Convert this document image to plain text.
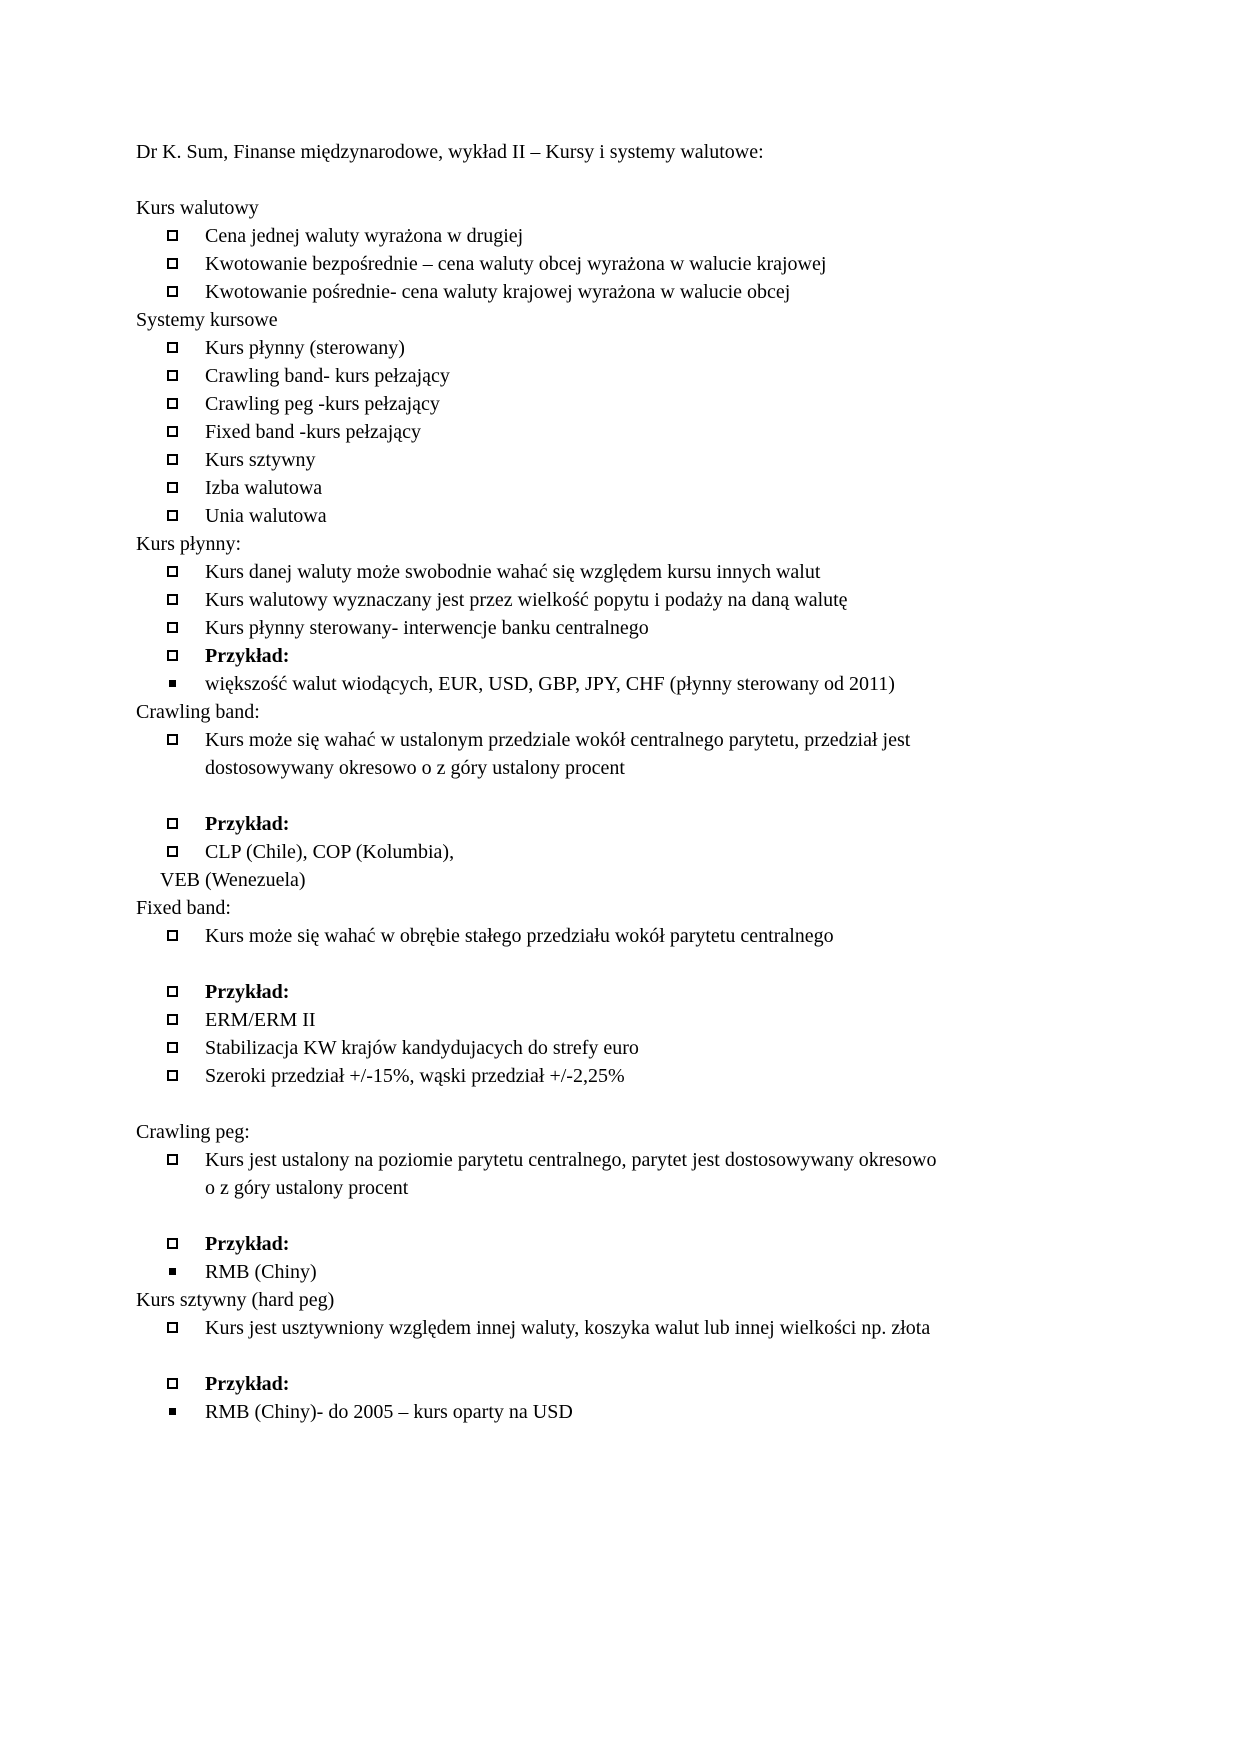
Dr K. Sum, Finanse międzynarodowe, wykład II – Kursy i systemy walutowe:
Kurs walutowy
Cena jednej waluty wyrażona w drugiej
Kwotowanie bezpośrednie – cena waluty obcej wyrażona w walucie krajowej
Kwotowanie pośrednie- cena waluty krajowej wyrażona w walucie obcej
Systemy kursowe
Kurs płynny (sterowany)
Crawling band- kurs pełzający
Crawling peg -kurs pełzający
Fixed band -kurs pełzający
Kurs sztywny
Izba walutowa
Unia walutowa
Kurs płynny:
Kurs danej waluty może swobodnie wahać się względem kursu innych walut
Kurs walutowy wyznaczany jest przez wielkość popytu i podaży na daną walutę
Kurs płynny sterowany- interwencje banku centralnego
Przykład:
większość walut wiodących, EUR, USD, GBP, JPY, CHF (płynny sterowany od 2011)
Crawling band:
Kurs może się wahać w ustalonym przedziale wokół centralnego parytetu, przedział jest dostosowywany okresowo o z góry ustalony procent
Przykład:
CLP (Chile), COP (Kolumbia),
VEB (Wenezuela)
Fixed band:
Kurs może się wahać w obrębie stałego przedziału wokół parytetu centralnego
Przykład:
ERM/ERM II
Stabilizacja KW krajów kandydujacych do strefy euro
Szeroki przedział +/-15%, wąski przedział +/-2,25%
Crawling peg:
Kurs jest ustalony na poziomie parytetu centralnego, parytet jest dostosowywany okresowo o z góry ustalony procent
Przykład:
RMB (Chiny)
Kurs sztywny (hard peg)
Kurs jest usztywniony względem innej waluty, koszyka walut lub innej wielkości np. złota
Przykład:
RMB (Chiny)- do 2005 – kurs oparty na USD
